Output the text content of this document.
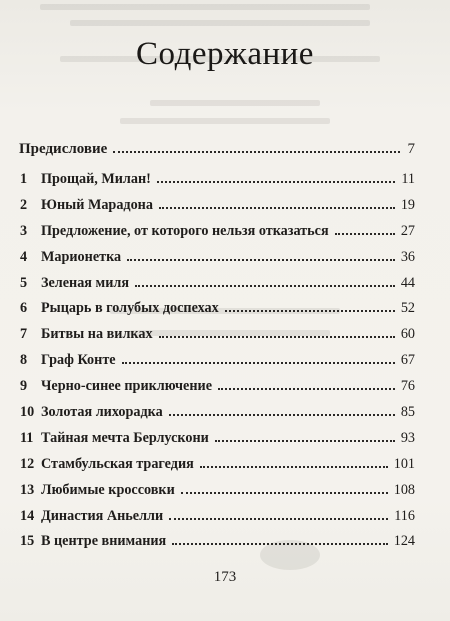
Содержание
Предисловие	7
1 Прощай, Милан!	11
2 Юный Марадона	19
3 Предложение, от которого нельзя отказаться	27
4 Марионетка	36
5 Зеленая миля	44
6 Рыцарь в голубых доспехах	52
7 Битвы на вилках	60
8 Граф Конте	67
9 Черно-синее приключение	76
10 Золотая лихорадка	85
11 Тайная мечта Берлускони	93
12 Стамбульская трагедия	101
13 Любимые кроссовки	108
14 Династия Аньелли	116
15 В центре внимания	124
173
